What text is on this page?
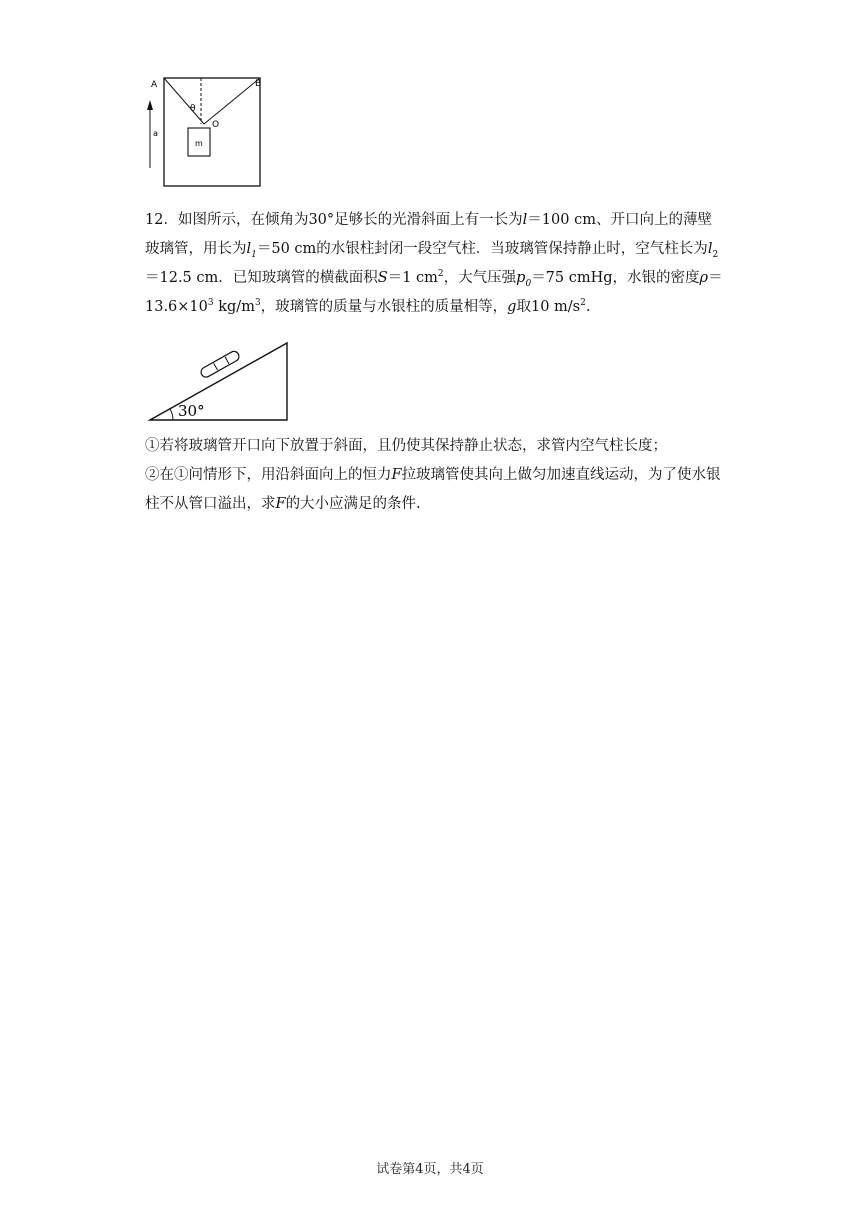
A	B
θ
O
m
a
12．如图所示，在倾角为30°足够长的光滑斜面上有一长为l＝100 cm、开口向上的薄壁玻璃管，用长为$l_1=50$ cm的水银柱封闭一段空气柱．当玻璃管保持静止时，空气柱长为$l_2=12.5$ cm．已知玻璃管的横截面积S＝1 $cm^2$，大气压强$p_0=75$ cmHg，水银的密度$\rho=13.6\times 10^3$ $kg/m^3$，玻璃管的质量与水银柱的质量相等，g取10 $m/s^2$.
30°
①若将玻璃管开口向下放置于斜面，且仍使其保持静止状态，求管内空气柱长度；
②在①问情形下，用沿斜面向上的恒力F拉玻璃管使其向上做匀加速直线运动，为了使水银柱不从管口溢出，求F的大小应满足的条件.
试卷第4页，共4页
